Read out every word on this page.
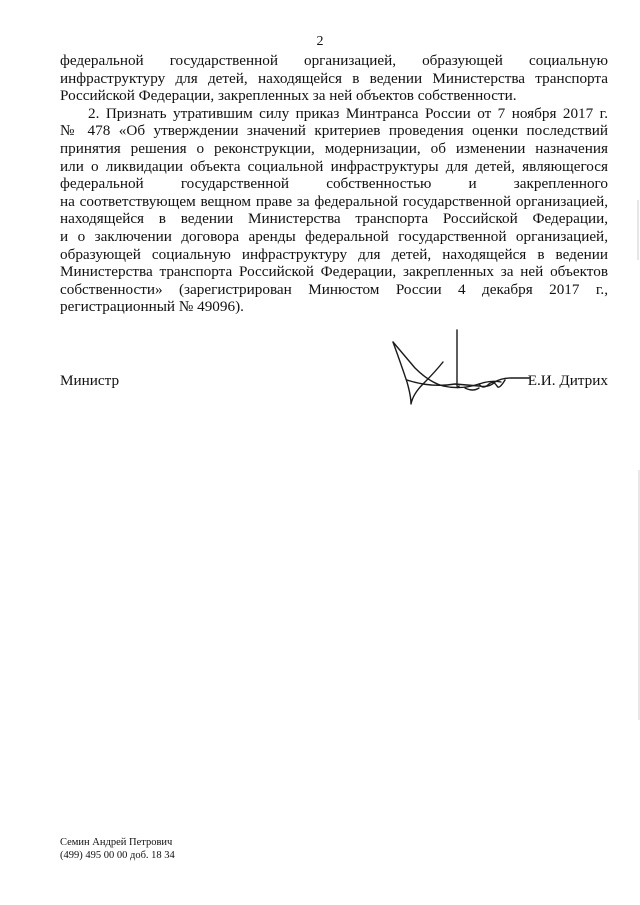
2
федеральной государственной организацией, образующей социальную
инфраструктуру для детей, находящейся в ведении Министерства транспорта
Российской Федерации, закрепленных за ней объектов собственности.
2. Признать утратившим силу приказ Минтранса России от 7 ноября 2017 г.
№ 478 «Об утверждении значений критериев проведения оценки последствий
принятия решения о реконструкции, модернизации, об изменении назначения
или о ликвидации объекта социальной инфраструктуры для детей, являющегося
федеральной государственной собственностью и закрепленного
на соответствующем вещном праве за федеральной государственной организацией,
находящейся в ведении Министерства транспорта Российской Федерации,
и о заключении договора аренды федеральной государственной организацией,
образующей социальную инфраструктуру для детей, находящейся в ведении
Министерства транспорта Российской Федерации, закрепленных за ней объектов
собственности» (зарегистрирован Минюстом России 4 декабря 2017 г.,
регистрационный № 49096).
Министр	Е.И. Дитрих
Семин Андрей Петрович
(499) 495 00 00 доб. 18 34
